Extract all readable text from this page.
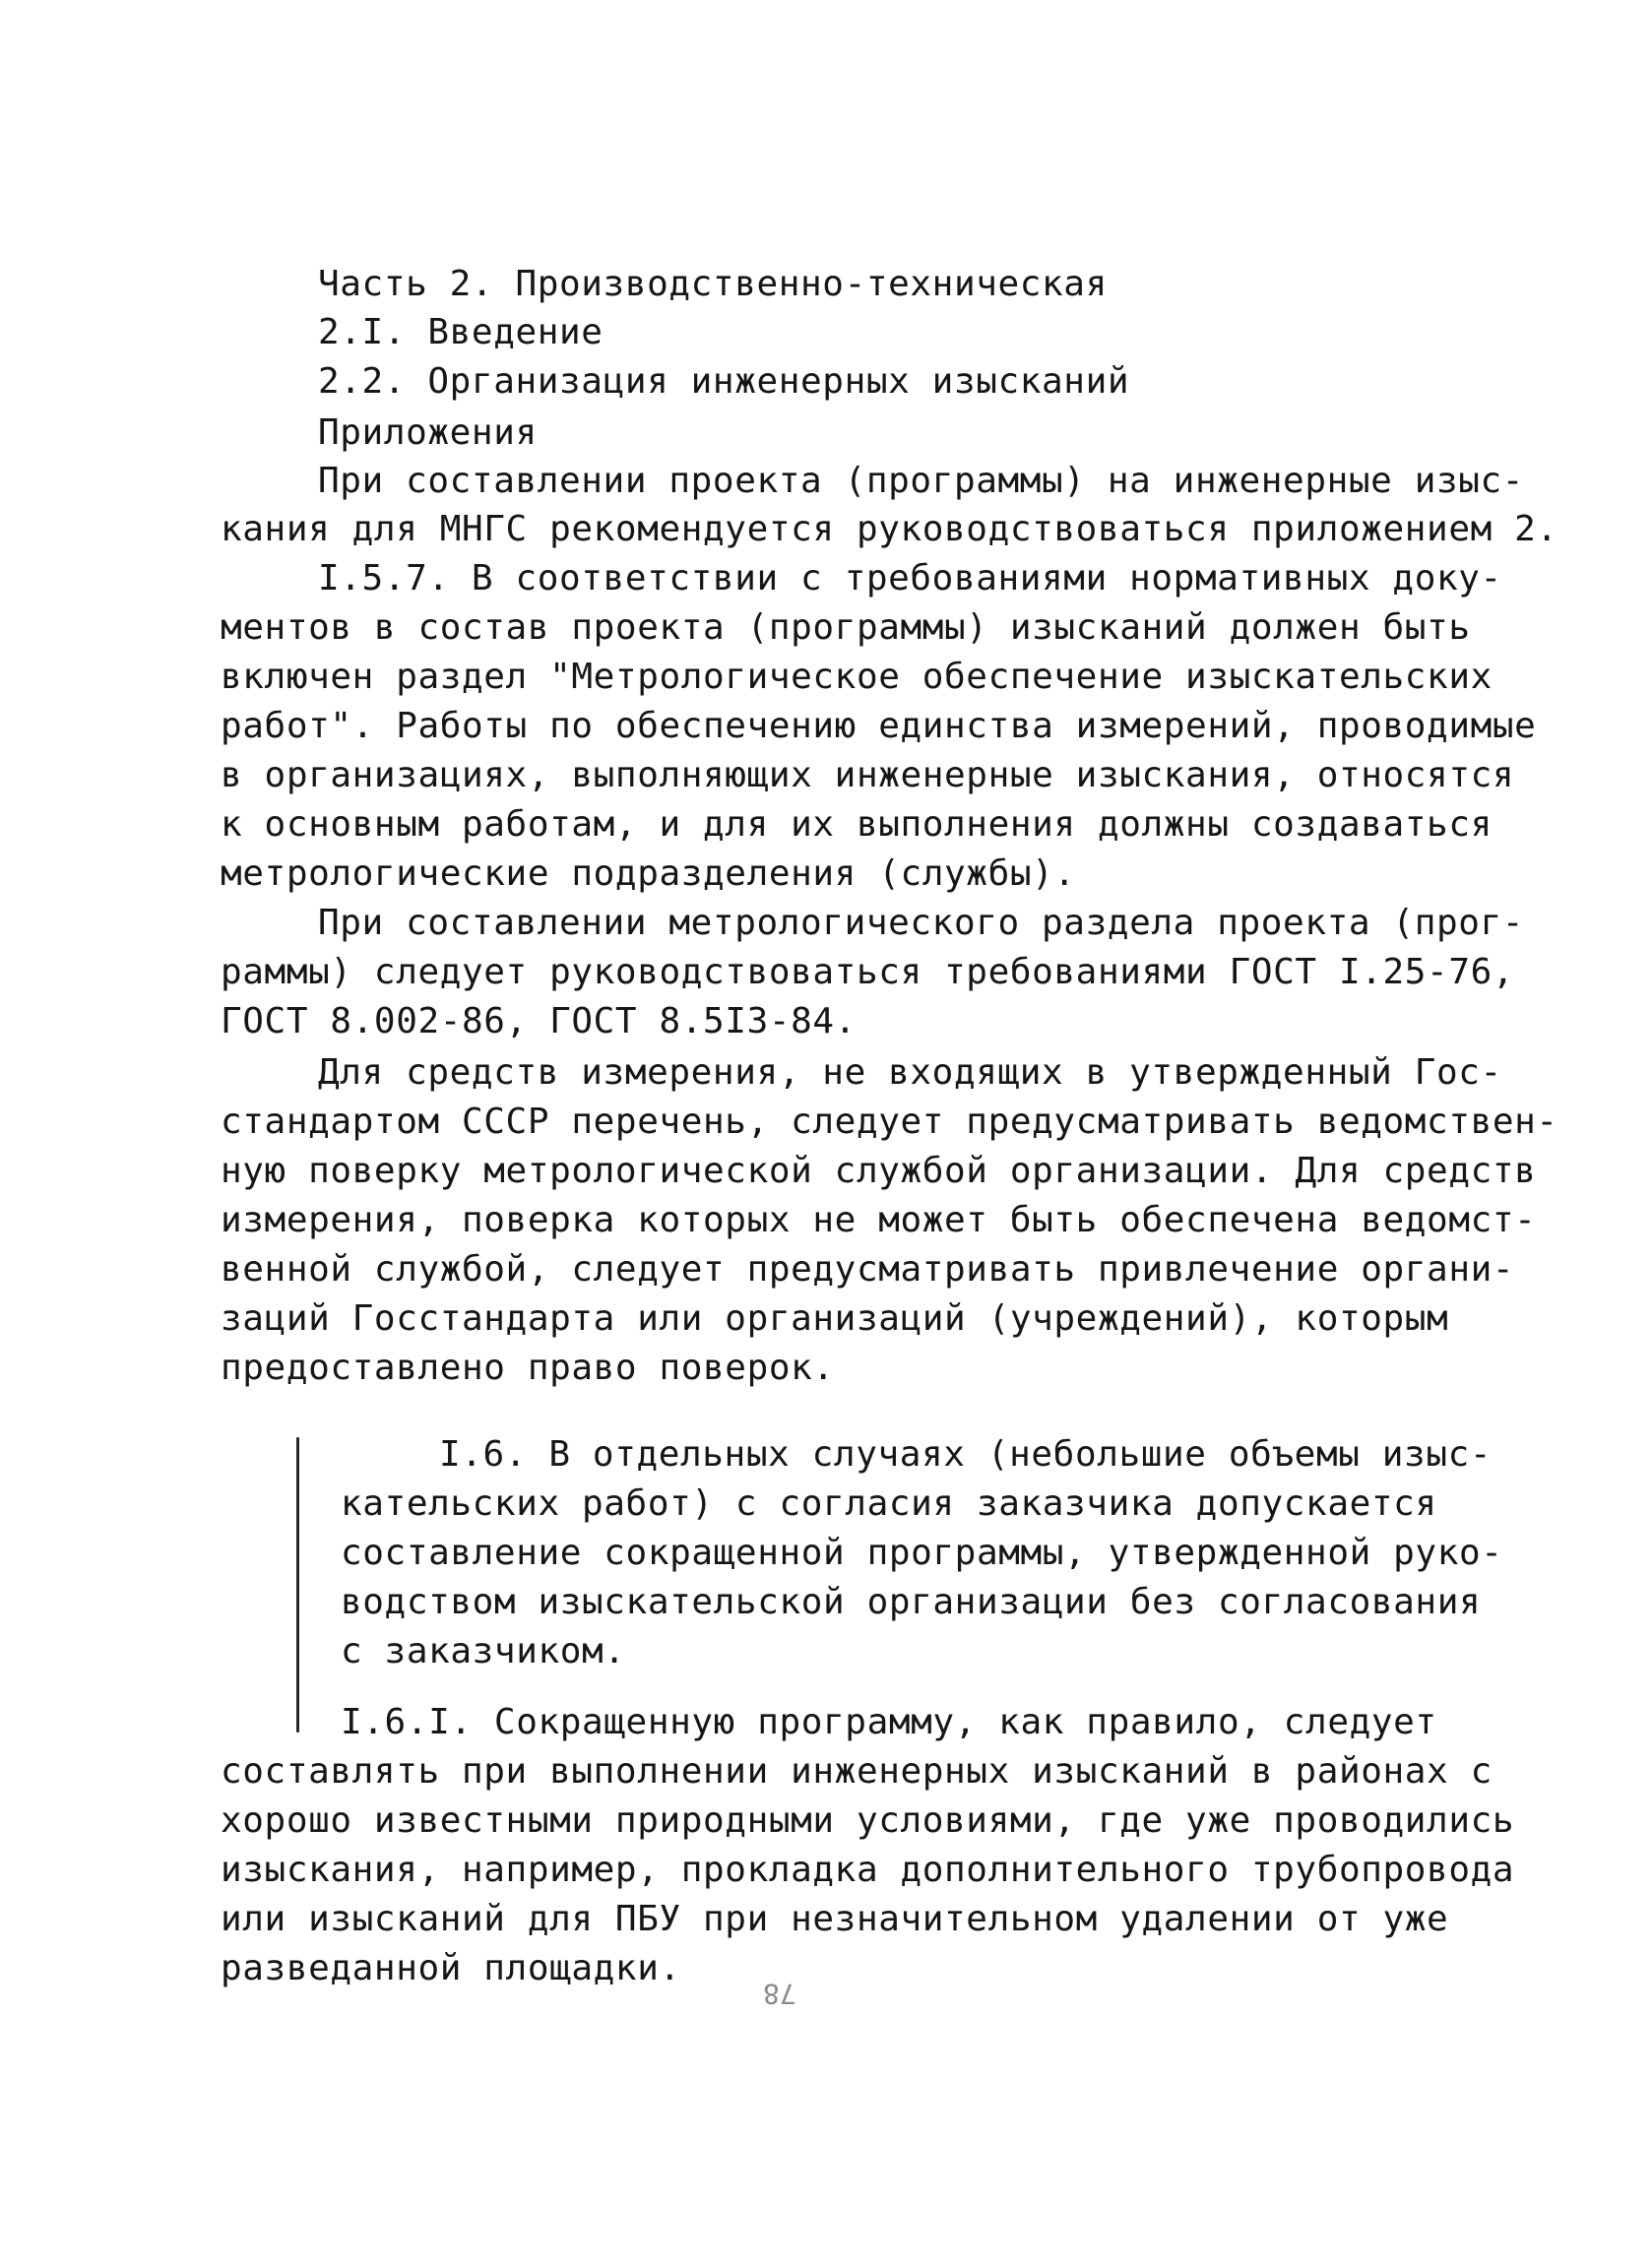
Часть 2. Производственно-техническая
2.I. Введение
2.2. Организация инженерных изысканий
Приложения
При составлении проекта (программы) на инженерные изыс-
кания для МНГС рекомендуется руководствоваться приложением 2.
I.5.7. В соответствии с требованиями нормативных доку-
ментов в состав проекта (программы) изысканий должен быть
включен раздел "Метрологическое обеспечение изыскательских
работ". Работы по обеспечению единства измерений, проводимые
в организациях, выполняющих инженерные изыскания, относятся
к основным работам, и для их выполнения должны создаваться
метрологические подразделения (службы).
При составлении метрологического раздела проекта (прог-
раммы) следует руководствоваться требованиями ГОСТ I.25-76,
ГОСТ 8.002-86, ГОСТ 8.5I3-84.
Для средств измерения, не входящих в утвержденный Гос-
стандартом СССР перечень, следует предусматривать ведомствен-
ную поверку метрологической службой организации. Для средств
измерения, поверка которых не может быть обеспечена ведомст-
венной службой, следует предусматривать привлечение органи-
заций Госстандарта или организаций (учреждений), которым
предоставлено право поверок.
I.6. В отдельных случаях (небольшие объемы изыс-
кательских работ) с согласия заказчика допускается
составление сокращенной программы, утвержденной руко-
водством изыскательской организации без согласования
с заказчиком.
I.6.I. Сокращенную программу, как правило, следует
составлять при выполнении инженерных изысканий в районах с
хорошо известными природными условиями, где уже проводились
изыскания, например, прокладка дополнительного трубопровода
или изысканий для ПБУ при незначительном удалении от уже
разведанной площадки.
78
